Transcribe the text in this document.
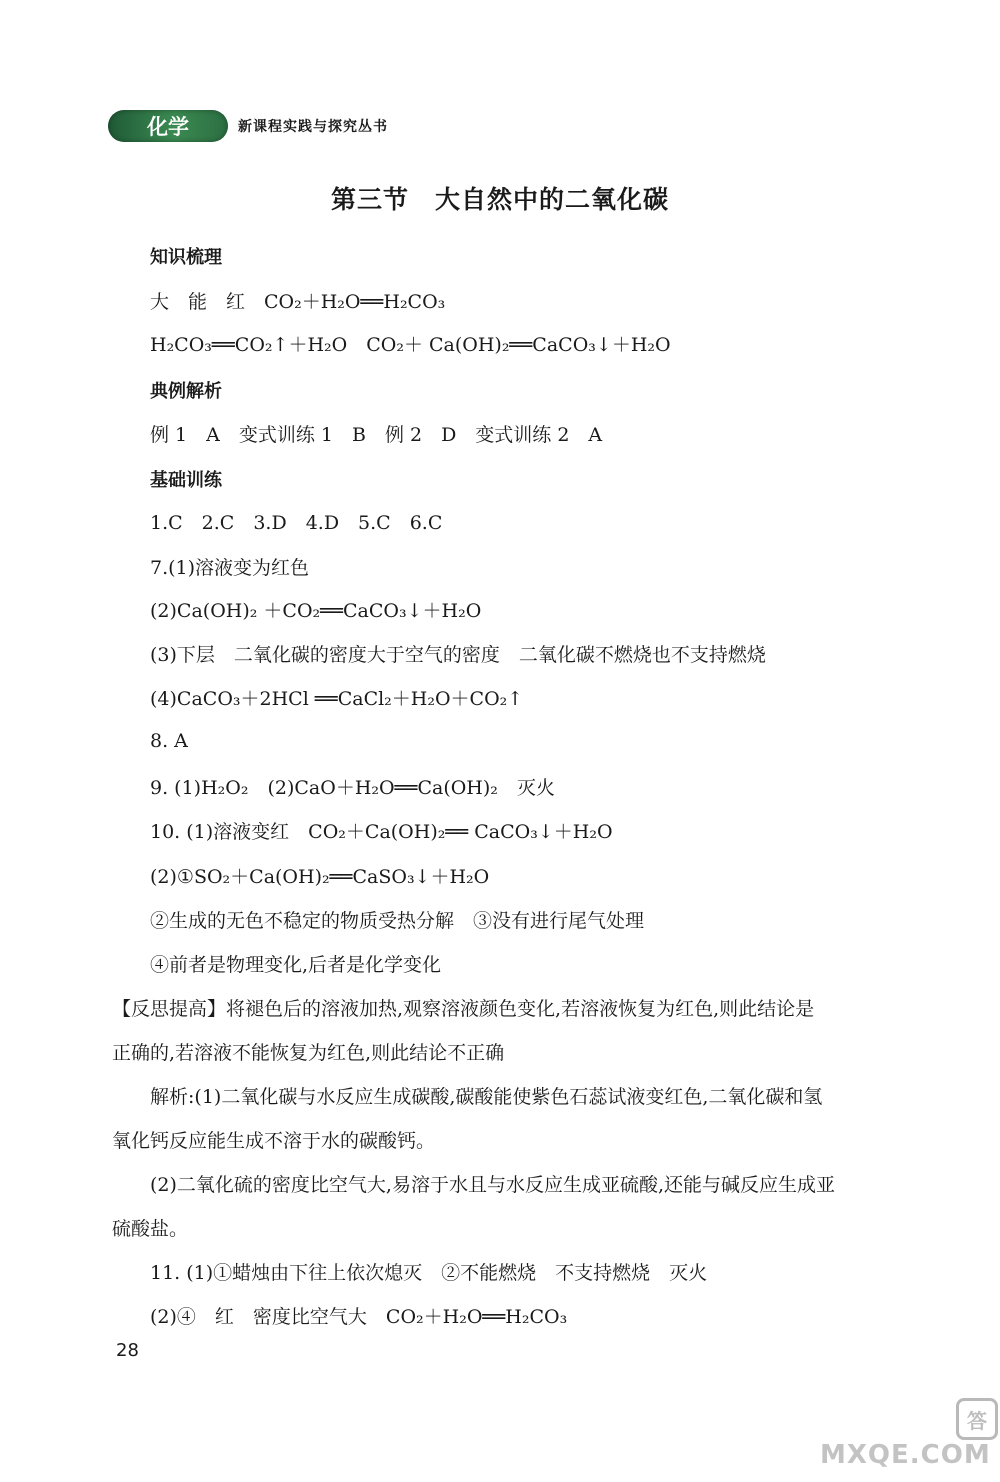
化学	新课程实践与探究丛书
第三节　大自然中的二氧化碳
知识梳理
大　能　红　CO₂＋H₂O══H₂CO₃
H₂CO₃══CO₂↑＋H₂O　CO₂＋ Ca(OH)₂══CaCO₃↓＋H₂O
典例解析
例 1　A　变式训练 1　B　例 2　D　变式训练 2　A
基础训练
1.C　2.C　3.D　4.D　5.C　6.C
7.(1)溶液变为红色
(2)Ca(OH)₂ ＋CO₂══CaCO₃↓＋H₂O
(3)下层　二氧化碳的密度大于空气的密度　二氧化碳不燃烧也不支持燃烧
(4)CaCO₃＋2HCl ══CaCl₂＋H₂O＋CO₂↑
8. A
9. (1)H₂O₂　(2)CaO＋H₂O══Ca(OH)₂　灭火
10. (1)溶液变红　CO₂＋Ca(OH)₂══ CaCO₃↓＋H₂O
(2)①SO₂＋Ca(OH)₂══CaSO₃↓＋H₂O
②生成的无色不稳定的物质受热分解　③没有进行尾气处理
④前者是物理变化,后者是化学变化
【反思提高】将褪色后的溶液加热,观察溶液颜色变化,若溶液恢复为红色,则此结论是
正确的,若溶液不能恢复为红色,则此结论不正确
解析:(1)二氧化碳与水反应生成碳酸,碳酸能使紫色石蕊试液变红色,二氧化碳和氢
氧化钙反应能生成不溶于水的碳酸钙。
(2)二氧化硫的密度比空气大,易溶于水且与水反应生成亚硫酸,还能与碱反应生成亚
硫酸盐。
11. (1)①蜡烛由下往上依次熄灭　②不能燃烧　不支持燃烧　灭火
(2)④　红　密度比空气大　CO₂＋H₂O══H₂CO₃
28
答
MXQE.COM
